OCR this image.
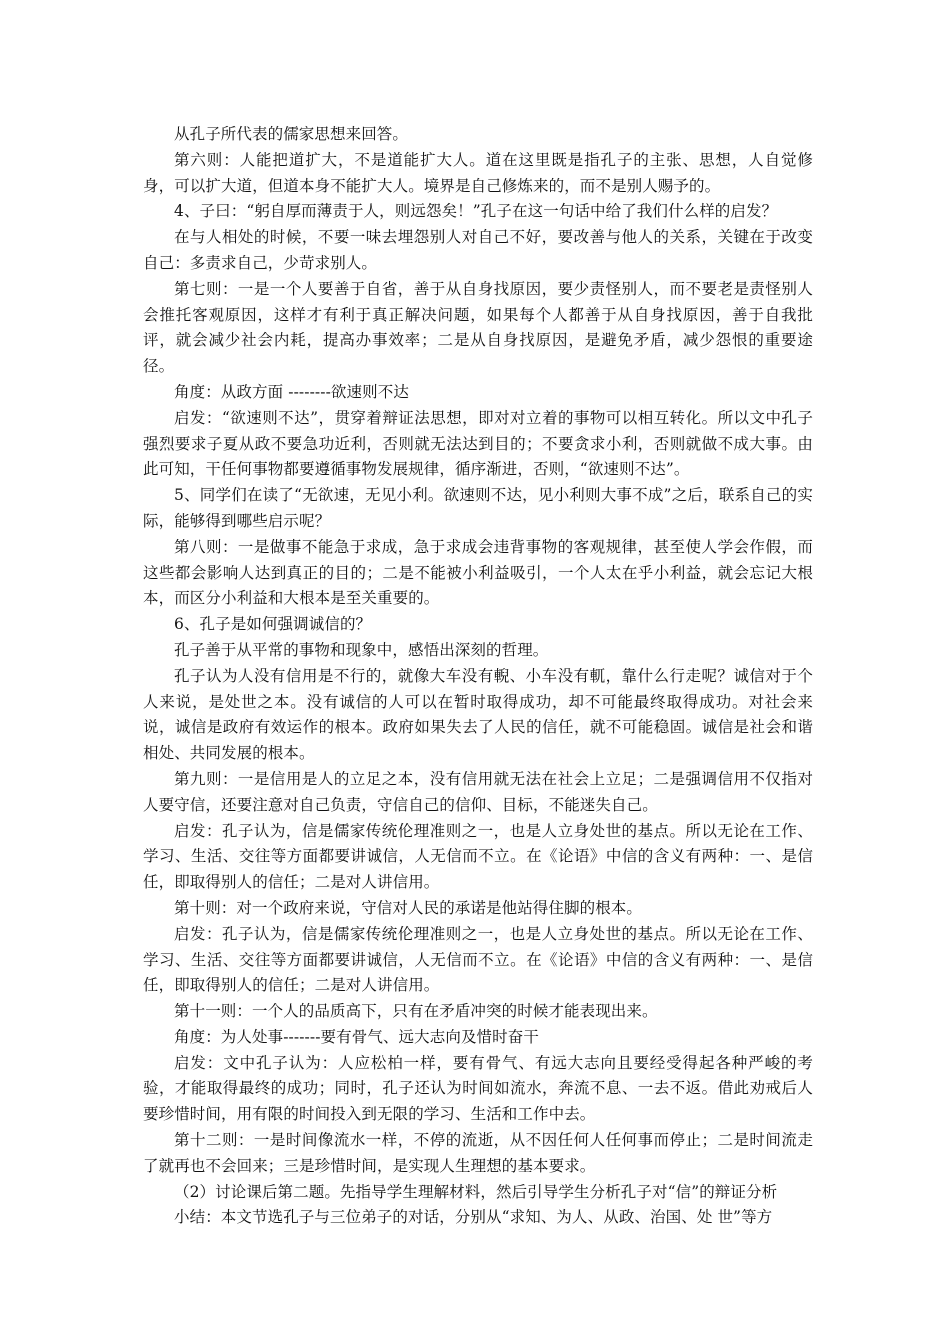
从孔子所代表的儒家思想来回答。

第六则：人能把道扩大，不是道能扩大人。道在这里既是指孔子的主张、思想，人自觉修身，可以扩大道，但道本身不能扩大人。境界是自己修炼来的，而不是别人赐予的。

4、子曰：“躬自厚而薄责于人，则远怨矣！”孔子在这一句话中给了我们什么样的启发？

在与人相处的时候，不要一味去埋怨别人对自己不好，要改善与他人的关系，关键在于改变自己：多责求自己，少苛求别人。

第七则：一是一个人要善于自省，善于从自身找原因，要少责怪别人，而不要老是责怪别人会推托客观原因，这样才有利于真正解决问题，如果每个人都善于从自身找原因，善于自我批评，就会减少社会内耗，提高办事效率；二是从自身找原因，是避免矛盾，减少怨恨的重要途径。

角度：从政方面 --------欲速则不达

启发：“欲速则不达”，贯穿着辩证法思想，即对对立着的事物可以相互转化。所以文中孔子强烈要求子夏从政不要急功近利，否则就无法达到目的；不要贪求小利，否则就做不成大事。由此可知，干任何事物都要遵循事物发展规律，循序渐进，否则，“欲速则不达”。

5、同学们在读了“无欲速，无见小利。欲速则不达，见小利则大事不成”之后，联系自己的实际，能够得到哪些启示呢？

第八则：一是做事不能急于求成，急于求成会违背事物的客观规律，甚至使人学会作假，而这些都会影响人达到真正的目的；二是不能被小利益吸引，一个人太在乎小利益，就会忘记大根本，而区分小利益和大根本是至关重要的。

6、孔子是如何强调诚信的？

孔子善于从平常的事物和现象中，感悟出深刻的哲理。

孔子认为人没有信用是不行的，就像大车没有輗、小车没有軏，靠什么行走呢？诚信对于个人来说，是处世之本。没有诚信的人可以在暂时取得成功，却不可能最终取得成功。对社会来说，诚信是政府有效运作的根本。政府如果失去了人民的信任，就不可能稳固。诚信是社会和谐相处、共同发展的根本。

第九则：一是信用是人的立足之本，没有信用就无法在社会上立足；二是强调信用不仅指对人要守信，还要注意对自己负责，守信自己的信仰、目标，不能迷失自己。

启发：孔子认为，信是儒家传统伦理准则之一，也是人立身处世的基点。所以无论在工作、学习、生活、交往等方面都要讲诚信，人无信而不立。在《论语》中信的含义有两种：一、是信任，即取得别人的信任；二是对人讲信用。

第十则：对一个政府来说，守信对人民的承诺是他站得住脚的根本。

启发：孔子认为，信是儒家传统伦理准则之一，也是人立身处世的基点。所以无论在工作、学习、生活、交往等方面都要讲诚信，人无信而不立。在《论语》中信的含义有两种：一、是信任，即取得别人的信任；二是对人讲信用。

第十一则：一个人的品质高下，只有在矛盾冲突的时候才能表现出来。

角度：为人处事-------要有骨气、远大志向及惜时奋干

启发：文中孔子认为：人应松柏一样，要有骨气、有远大志向且要经受得起各种严峻的考验，才能取得最终的成功；同时，孔子还认为时间如流水，奔流不息、一去不返。借此劝戒后人要珍惜时间，用有限的时间投入到无限的学习、生活和工作中去。

第十二则：一是时间像流水一样，不停的流逝，从不因任何人任何事而停止；二是时间流走了就再也不会回来；三是珍惜时间，是实现人生理想的基本要求。

（2）讨论课后第二题。先指导学生理解材料，然后引导学生分析孔子对“信”的辩证分析

小结：本文节选孔子与三位弟子的对话，分别从“求知、为人、从政、治国、处 世”等方
